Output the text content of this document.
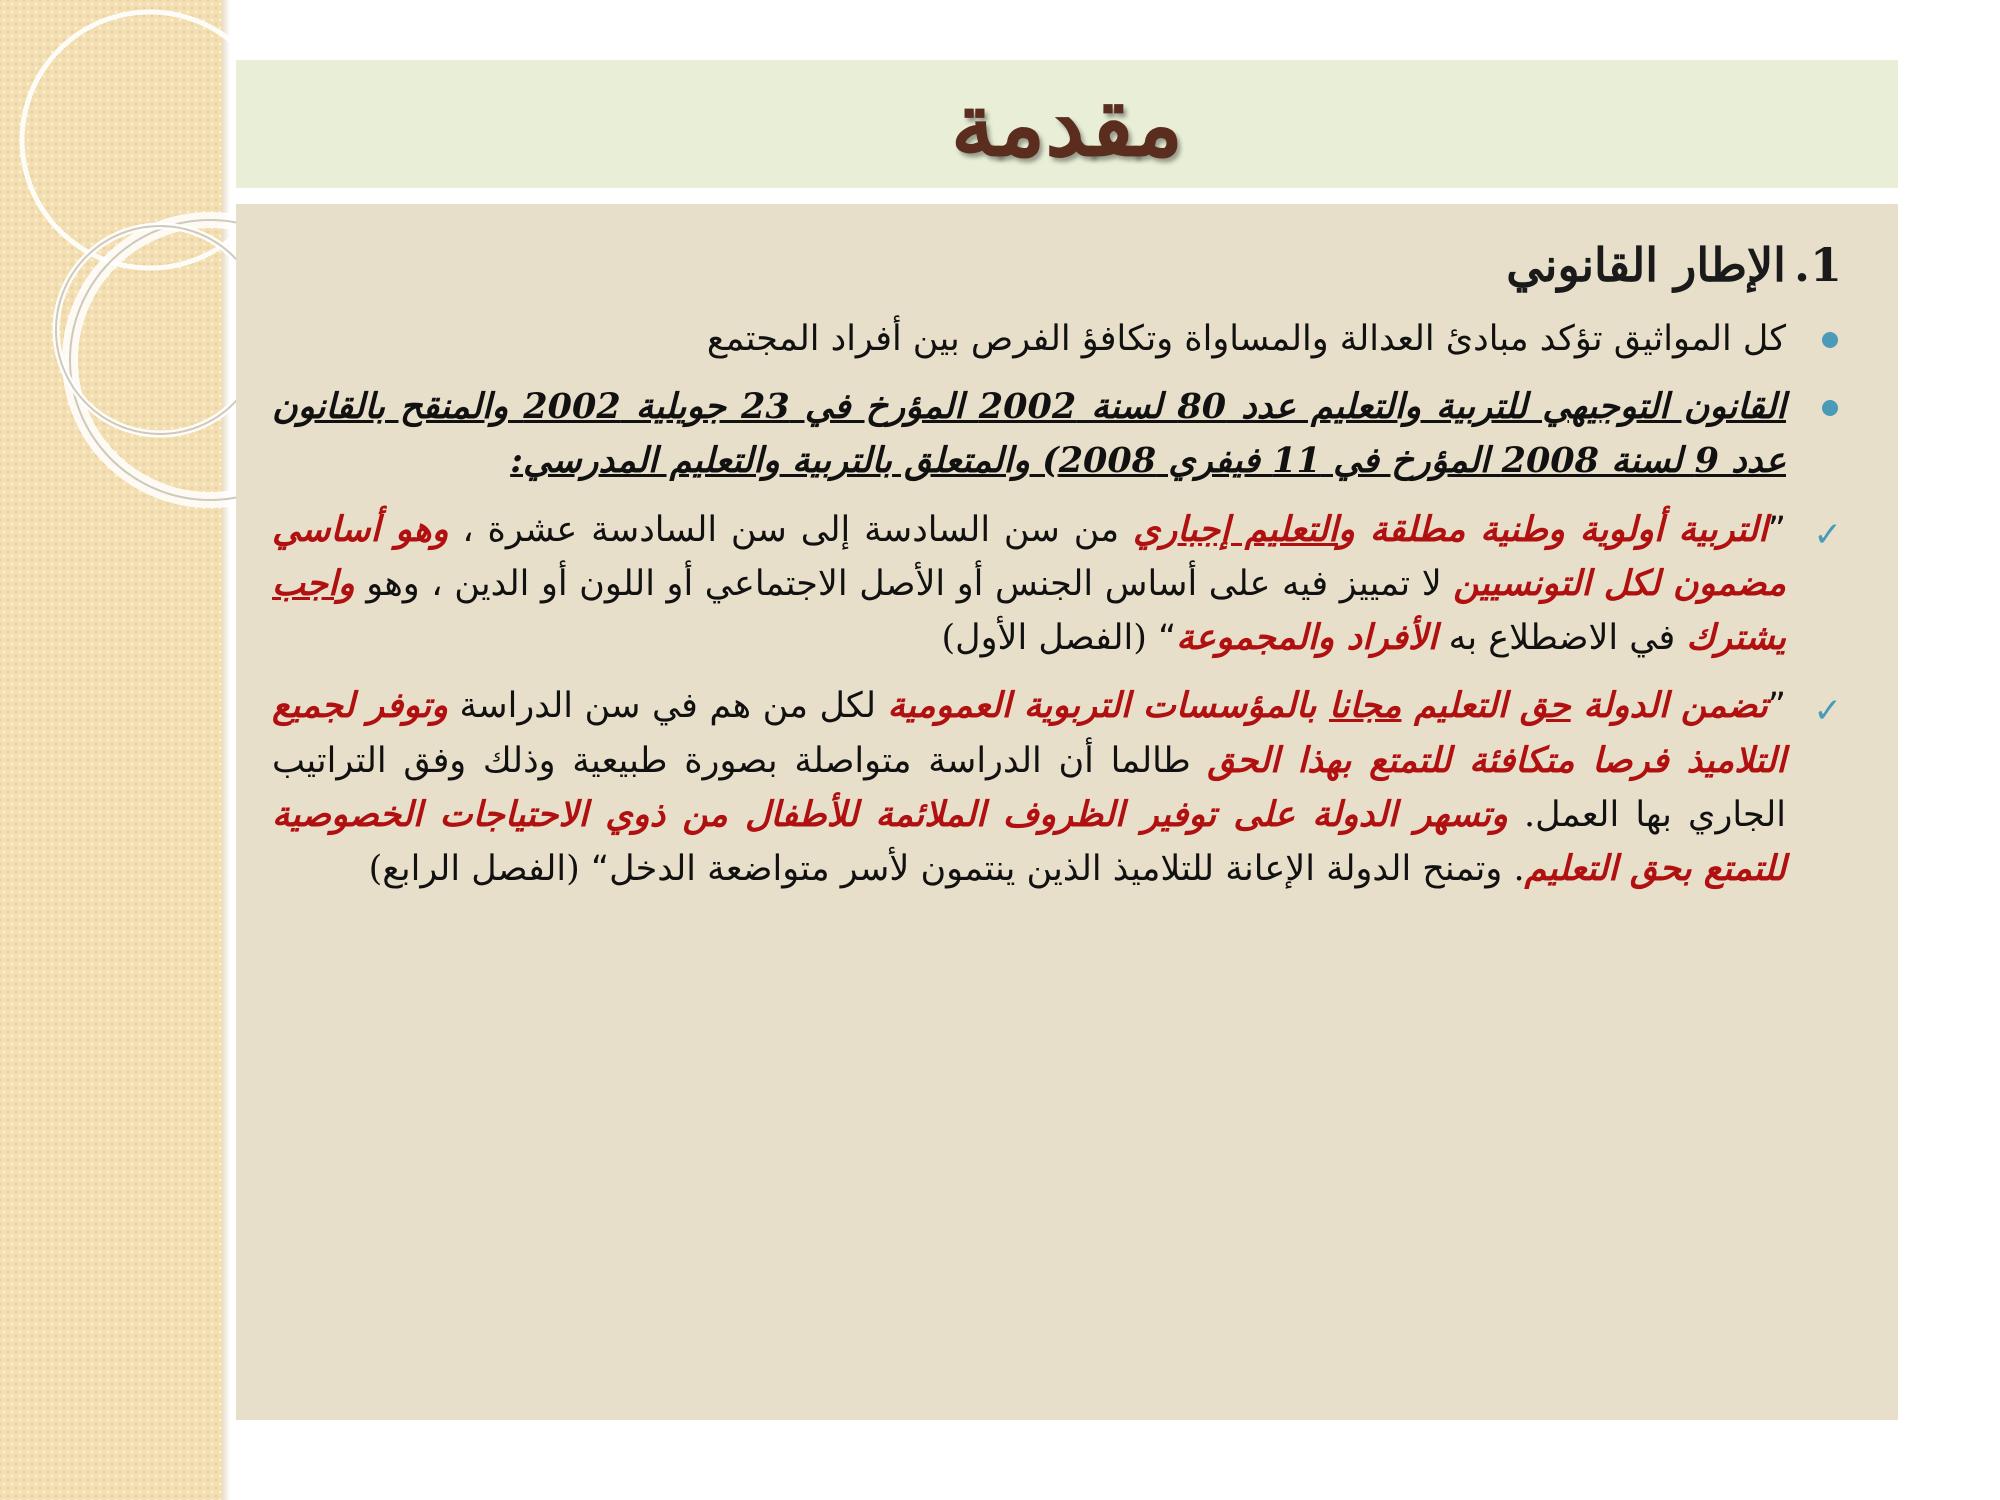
مقدمة
1.الإطار القانوني
كل المواثيق تؤكد مبادئ العدالة والمساواة وتكافؤ الفرص بين أفراد المجتمع
القانون التوجيهي للتربية والتعليم عدد 80 لسنة 2002 المؤرخ في 23 جويلية 2002 والمنقح بالقانون عدد 9 لسنة 2008 المؤرخ في 11 فيفري 2008) والمتعلق بالتربية والتعليم المدرسي:
✓
”التربية أولوية وطنية مطلقة والتعليم إجباري من سن السادسة إلى سن السادسة عشرة ، وهو أساسي مضمون لكل التونسيين لا تمييز فيه على أساس الجنس أو الأصل الاجتماعي أو اللون أو الدين ، وهو واجب يشترك في الاضطلاع به الأفراد والمجموعة“ (الفصل الأول)
✓
”تضمن الدولة حق التعليم مجانا بالمؤسسات التربوية العمومية لكل من هم في سن الدراسة وتوفر لجميع التلاميذ فرصا متكافئة للتمتع بهذا الحق طالما أن الدراسة متواصلة بصورة طبيعية وذلك وفق التراتيب الجاري بها العمل. وتسهر الدولة على توفير الظروف الملائمة للأطفال من ذوي الاحتياجات الخصوصية للتمتع بحق التعليم. وتمنح الدولة الإعانة للتلاميذ الذين ينتمون لأسر متواضعة الدخل“ (الفصل الرابع)
